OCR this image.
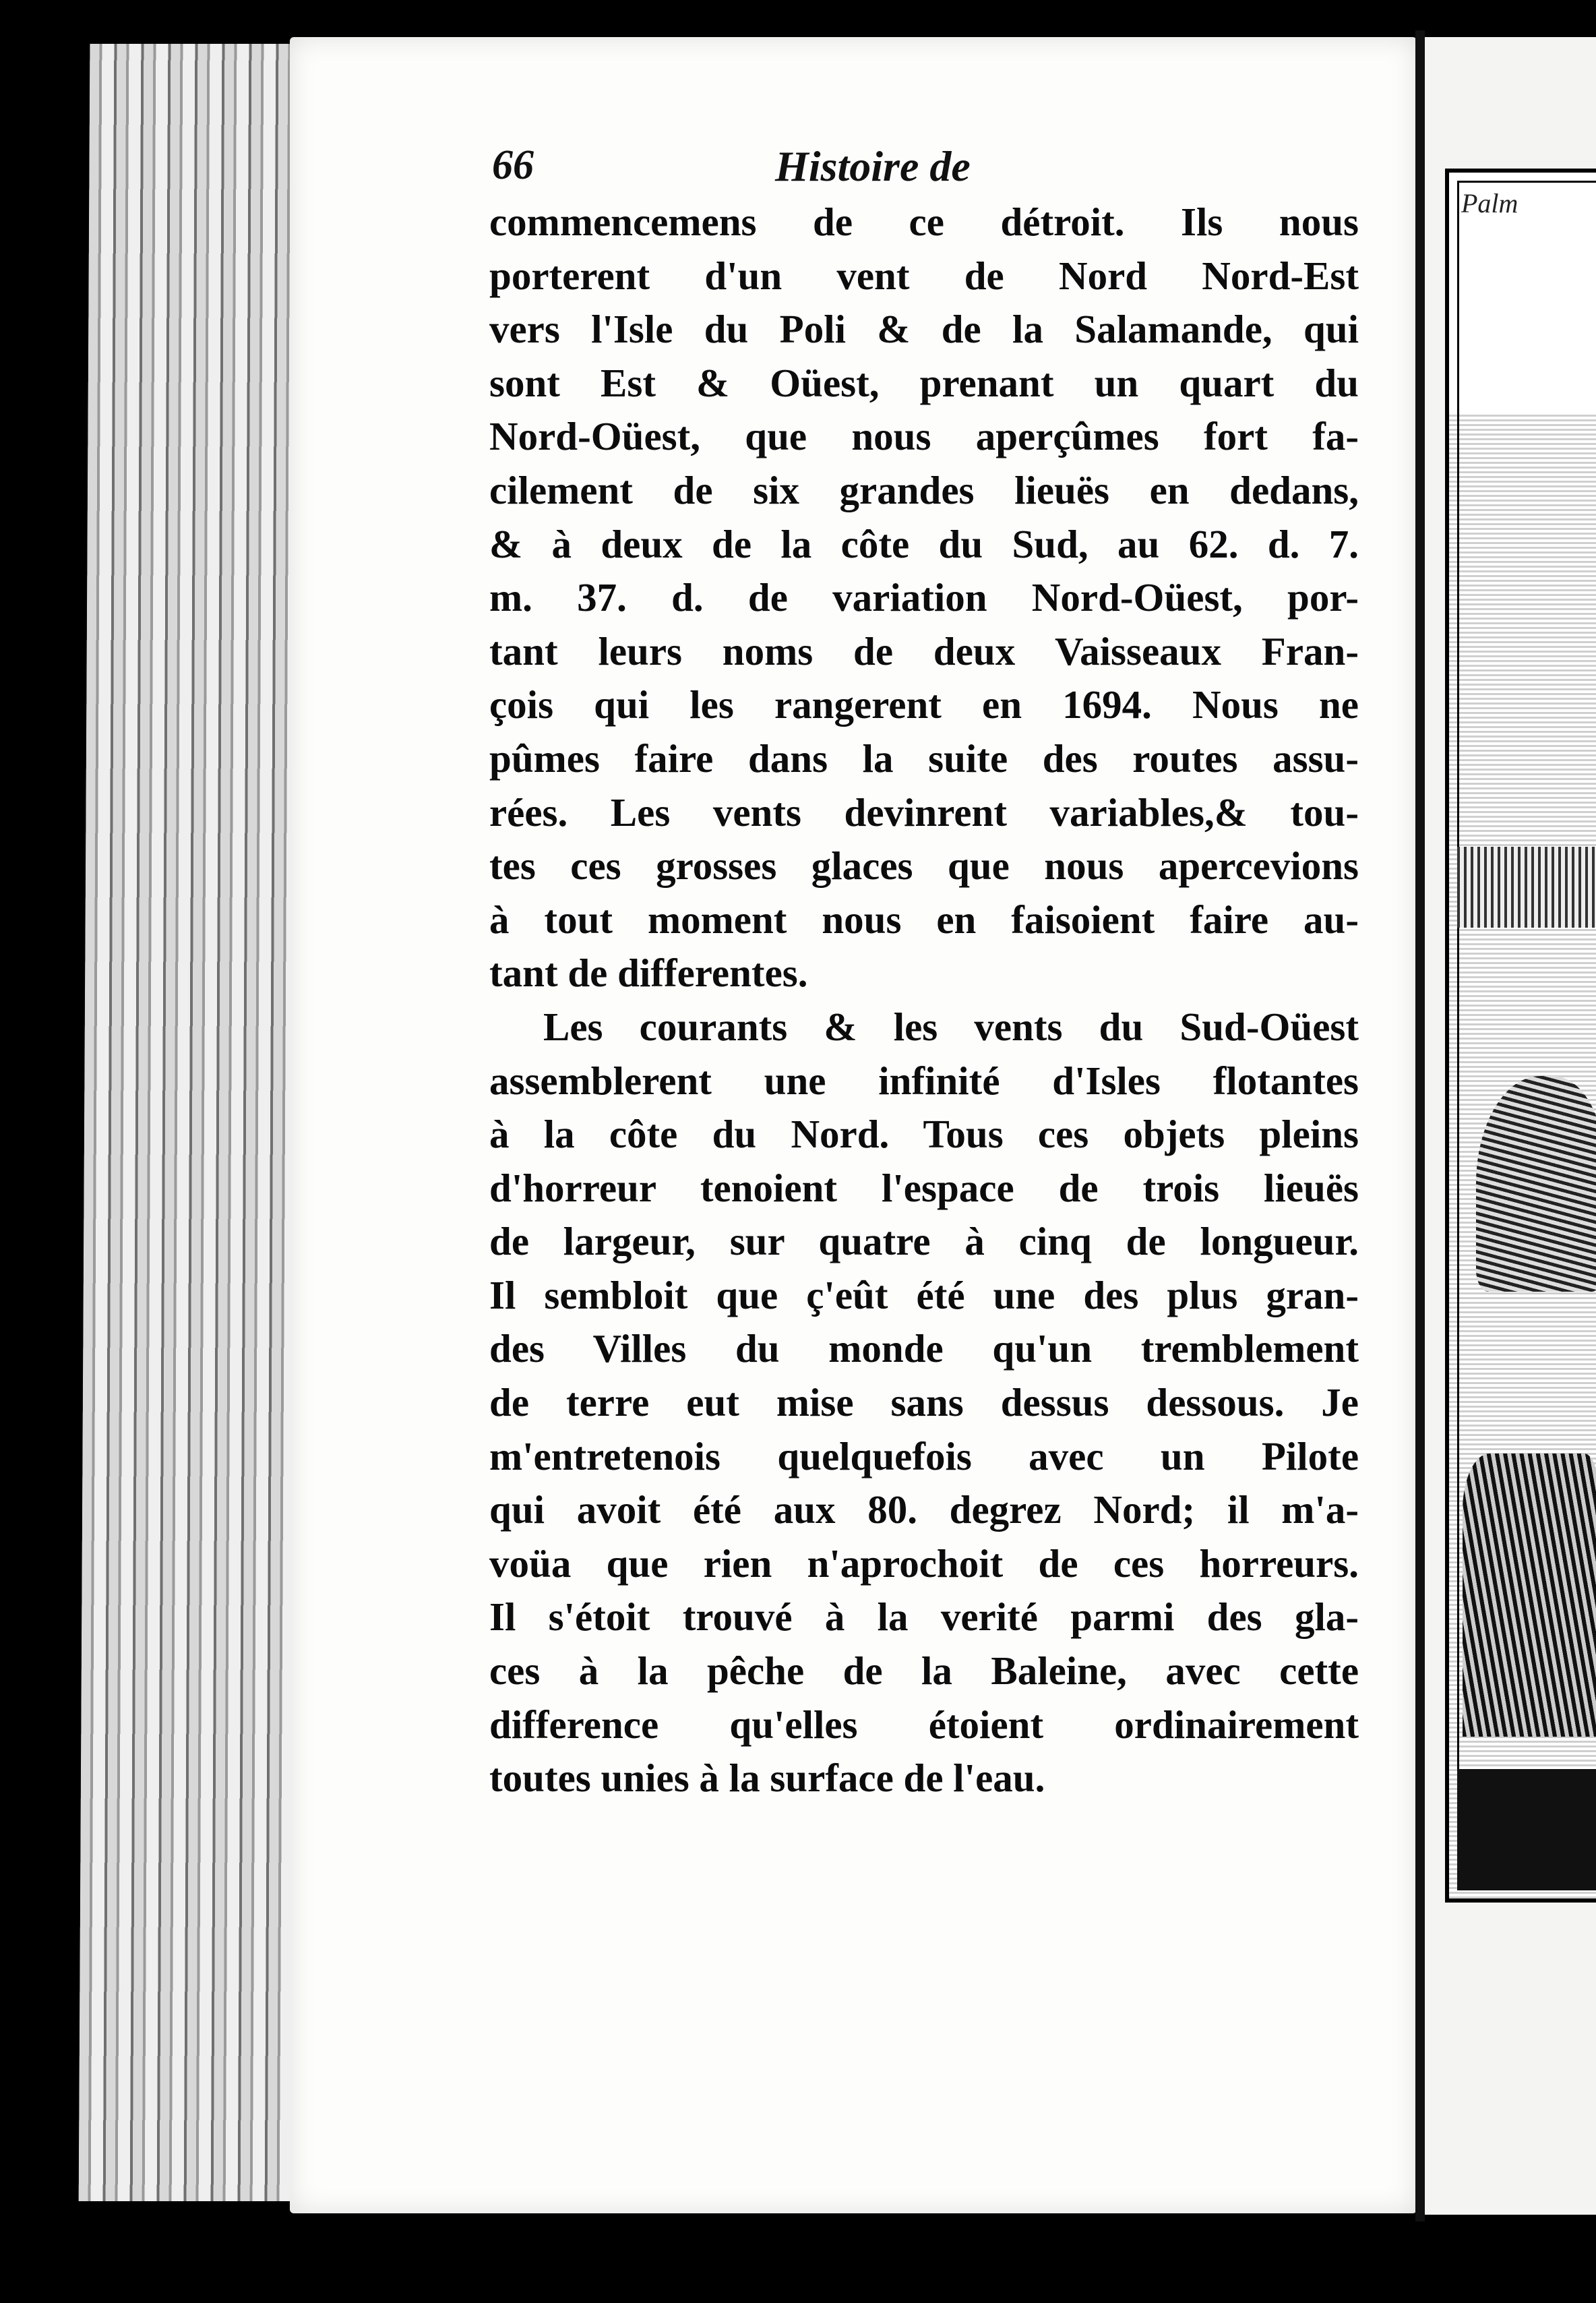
Palm
66	Histoire de
commencemens de ce détroit. Ils nous
porterent d'un vent de Nord Nord-Est
vers l'Isle du Poli & de la Salamande, qui
sont Est & Oüest, prenant un quart du
Nord-Oüest, que nous aperçûmes fort fa-
cilement de six grandes lieuës en dedans,
& à deux de la côte du Sud, au 62. d. 7.
m. 37. d. de variation Nord-Oüest, por-
tant leurs noms de deux Vaisseaux Fran-
çois qui les rangerent en 1694. Nous ne
pûmes faire dans la suite des routes assu-
rées. Les vents devinrent variables,& tou-
tes ces grosses glaces que nous apercevions
à tout moment nous en faisoient faire au-
tant de differentes.
Les courants & les vents du Sud-Oüest
assemblerent une infinité d'Isles flotantes
à la côte du Nord. Tous ces objets pleins
d'horreur tenoient l'espace de trois lieuës
de largeur, sur quatre à cinq de longueur.
Il sembloit que ç'eût été une des plus gran-
des Villes du monde qu'un tremblement
de terre eut mise sans dessus dessous. Je
m'entretenois quelquefois avec un Pilote
qui avoit été aux 80. degrez Nord; il m'a-
voüa que rien n'aprochoit de ces horreurs.
Il s'étoit trouvé à la verité parmi des gla-
ces à la pêche de la Baleine, avec cette
difference qu'elles étoient ordinairement
toutes unies à la surface de l'eau.
